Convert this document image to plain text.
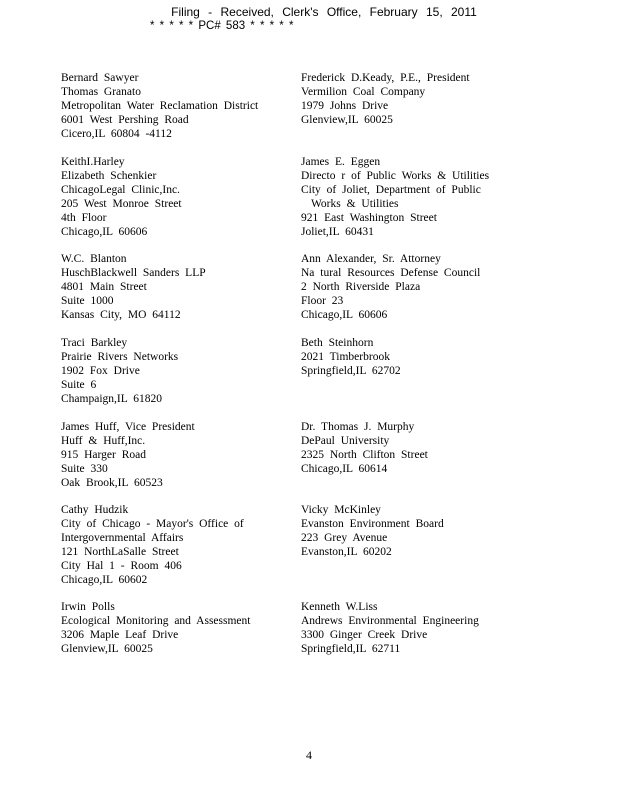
Filing - Received, Clerk's Office, February 15, 2011
* * * * * PC# 583 * * * * *
Bernard Sawyer
Thomas Granato
Metropolitan Water Reclamation District
6001 West Pershing Road
Cicero,IL 60804 -4112
KeithI.Harley
Elizabeth Schenkier
ChicagoLegal Clinic,Inc.
205 West Monroe Street
4th Floor
Chicago,IL 60606
W.C. Blanton
HuschBlackwell Sanders LLP
4801 Main Street
Suite 1000
Kansas City, MO 64112
Traci Barkley
Prairie Rivers Networks
1902 Fox Drive
Suite 6
Champaign,IL 61820
James Huff, Vice President
Huff & Huff,Inc.
915 Harger Road
Suite 330
Oak Brook,IL 60523
Cathy Hudzik
City of Chicago - Mayor's Office of
Intergovernmental Affairs
121 NorthLaSalle Street
City Hal 1 - Room 406
Chicago,IL 60602
Irwin Polls
Ecological Monitoring and Assessment
3206 Maple Leaf Drive
Glenview,IL 60025
Frederick D.Keady, P.E., President
Vermilion Coal Company
1979 Johns Drive
Glenview,IL 60025
James E. Eggen
Directo r of Public Works & Utilities
City of Joliet, Department of Public
Works & Utilities
921 East Washington Street
Joliet,IL 60431
Ann Alexander, Sr. Attorney
Na tural Resources Defense Council
2 North Riverside Plaza
Floor 23
Chicago,IL 60606
Beth Steinhorn
2021 Timberbrook
Springfield,IL 62702
Dr. Thomas J. Murphy
DePaul University
2325 North Clifton Street
Chicago,IL 60614
Vicky McKinley
Evanston Environment Board
223 Grey Avenue
Evanston,IL 60202
Kenneth W.Liss
Andrews Environmental Engineering
3300 Ginger Creek Drive
Springfield,IL 62711
4
